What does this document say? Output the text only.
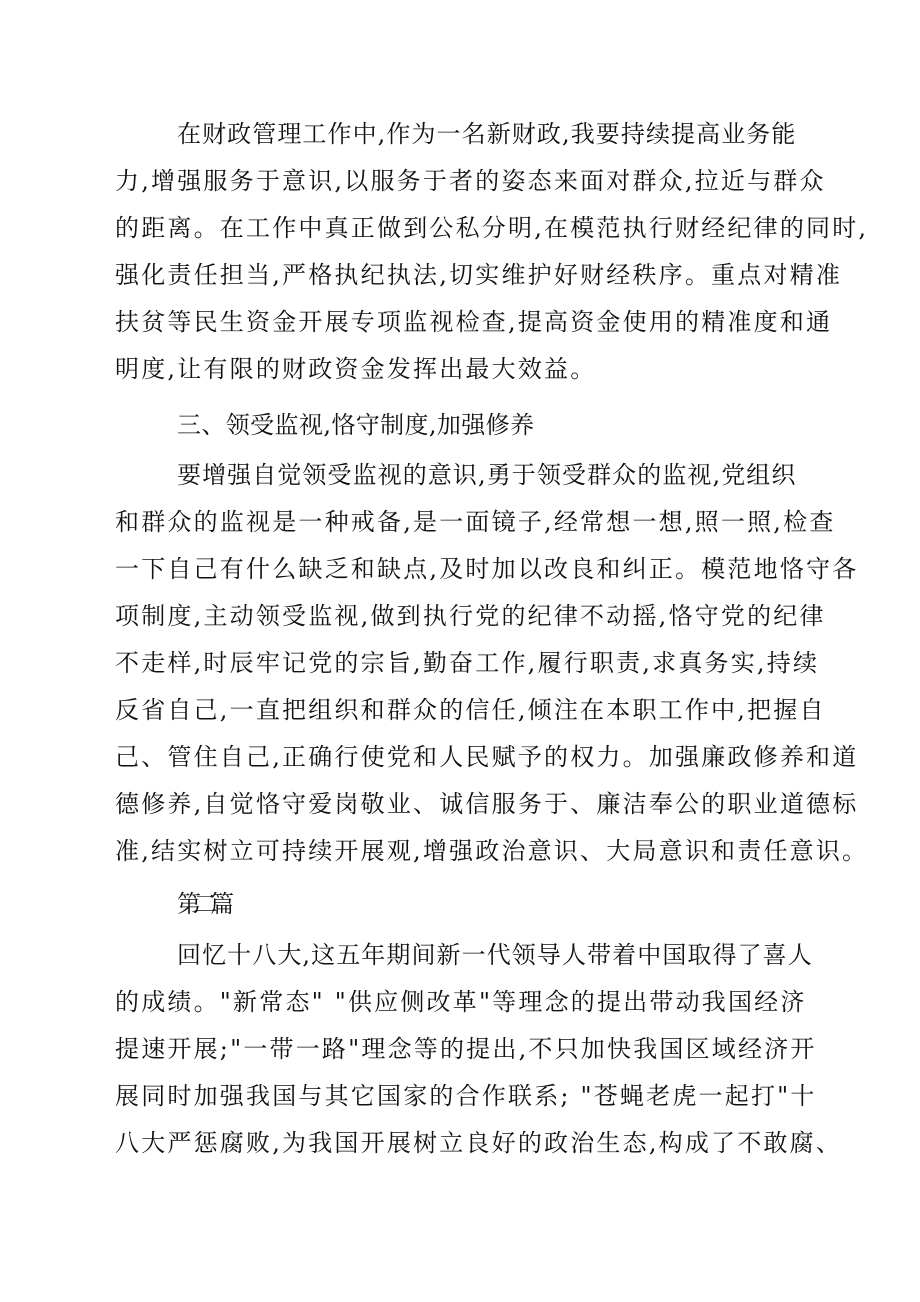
在财政管理工作中,作为一名新财政,我要持续提高业务能
力,增强服务于意识,以服务于者的姿态来面对群众,拉近与群众
的距离。在工作中真正做到公私分明,在模范执行财经纪律的同时,
强化责任担当,严格执纪执法,切实维护好财经秩序。重点对精准
扶贫等民生资金开展专项监视检查,提高资金使用的精准度和通
明度,让有限的财政资金发挥出最大效益。
三、领受监视,恪守制度,加强修养
要增强自觉领受监视的意识,勇于领受群众的监视,党组织
和群众的监视是一种戒备,是一面镜子,经常想一想,照一照,检查
一下自己有什么缺乏和缺点,及时加以改良和纠正。模范地恪守各
项制度,主动领受监视,做到执行党的纪律不动摇,恪守党的纪律
不走样,时辰牢记党的宗旨,勤奋工作,履行职责,求真务实,持续
反省自己,一直把组织和群众的信任,倾注在本职工作中,把握自
己、管住自己,正确行使党和人民赋予的权力。加强廉政修养和道
德修养,自觉恪守爱岗敬业、诚信服务于、廉洁奉公的职业道德标
准,结实树立可持续开展观,增强政治意识、大局意识和责任意识。
第二篇
回忆十八大,这五年期间新一代领导人带着中国取得了喜人
的成绩。"新常态" "供应侧改革"等理念的提出带动我国经济
提速开展;"一带一路"理念等的提出,不只加快我国区域经济开
展同时加强我国与其它国家的合作联系; "苍蝇老虎一起打"十
八大严惩腐败,为我国开展树立良好的政治生态,构成了不敢腐、
